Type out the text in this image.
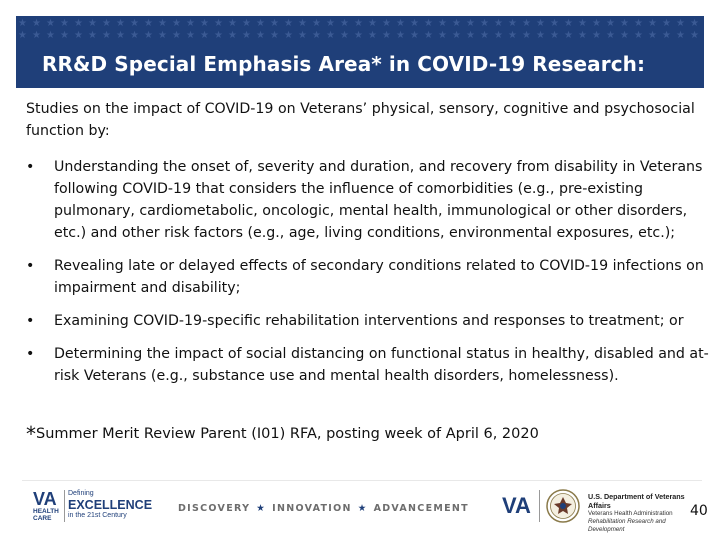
RR&D Special Emphasis Area* in COVID-19 Research:

Studies on the impact of COVID-19 on Veterans’ physical, sensory, cognitive and psychosocial function by:

• Understanding the onset of, severity and duration, and recovery from disability in Veterans following COVID-19 that considers the influence of comorbidities (e.g., pre-existing pulmonary, cardiometabolic, oncologic, mental health, immunological or other disorders, etc.) and other risk factors (e.g., age, living conditions, environmental exposures, etc.);
• Revealing late or delayed effects of secondary conditions related to COVID-19 infections on impairment and disability;
• Examining COVID-19-specific rehabilitation interventions and responses to treatment; or
• Determining the impact of social distancing on functional status in healthy, disabled and at-risk Veterans (e.g., substance use and mental health disorders, homelessness).
*Summer Merit Review Parent (I01) RFA, posting week of April 6, 2020
VA
HEALTH
CARE
Defining
EXCELLENCE
in the 21st Century
DISCOVERY ★ INNOVATION ★ ADVANCEMENT VA	U.S. Department of Veterans Affairs
Veterans Health Administration
Rehabilitation Research and Development
40
